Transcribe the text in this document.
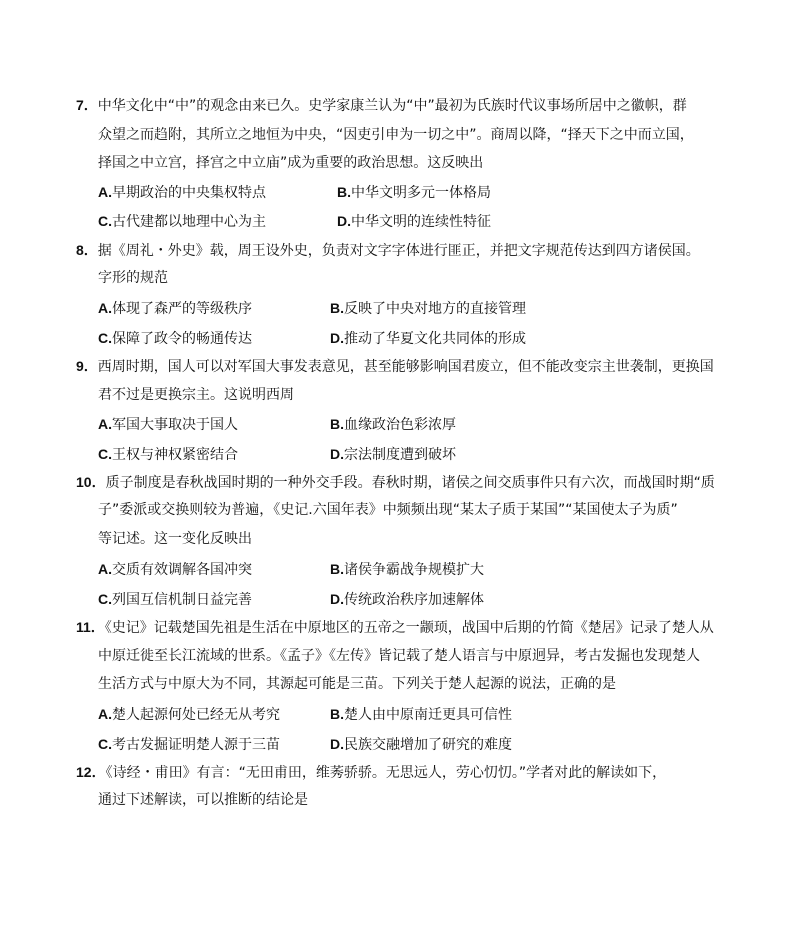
7．中华文化中“中”的观念由来已久。史学家康兰认为“中”最初为氏族时代议事场所居中之徽帜，群
众望之而趋附，其所立之地恒为中央，“因吏引申为一切之中”。商周以降，“择天下之中而立国，
择国之中立宫，择宫之中立庙”成为重要的政治思想。这反映出
A.早期政治的中央集权特点	B.中华文明多元一体格局
C.古代建都以地理中心为主	D.中华文明的连续性特征
8．据《周礼・外史》载，周王设外史，负责对文字字体进行匪正，并把文字规范传达到四方诸侯国。
字形的规范
A.体现了森严的等级秩序	B.反映了中央对地方的直接管理
C.保障了政令的畅通传达	D.推动了华夏文化共同体的形成
9．西周时期，国人可以对军国大事发表意见，甚至能够影响国君废立，但不能改变宗主世袭制，更换国
君不过是更换宗主。这说明西周
A.军国大事取决于国人	B.血缘政治色彩浓厚
C.王权与神权紧密结合	D.宗法制度遭到破坏
10．质子制度是春秋战国时期的一种外交手段。春秋时期，诸侯之间交质事件只有六次，而战国时期“质
子”委派或交换则较为普遍，《史记.六国年表》中频频出现“某太子质于某国”“某国使太子为质”
等记述。这一变化反映出
A.交质有效调解各国冲突	B.诸侯争霸战争规模扩大
C.列国互信机制日益完善	D.传统政治秩序加速解体
11．《史记》记载楚国先祖是生活在中原地区的五帝之一颛顼，战国中后期的竹简《楚居》记录了楚人从
中原迁徙至长江流域的世系。《孟子》《左传》皆记载了楚人语言与中原迥异，考古发掘也发现楚人
生活方式与中原大为不同，其源起可能是三苗。下列关于楚人起源的说法，正确的是
A.楚人起源何处已经无从考究	B.楚人由中原南迁更具可信性
C.考古发掘证明楚人源于三苗	D.民族交融增加了研究的难度
12．《诗经・甫田》有言：“无田甫田，维莠骄骄。无思远人，劳心忉忉。”学者对此的解读如下，
通过下述解读，可以推断的结论是
